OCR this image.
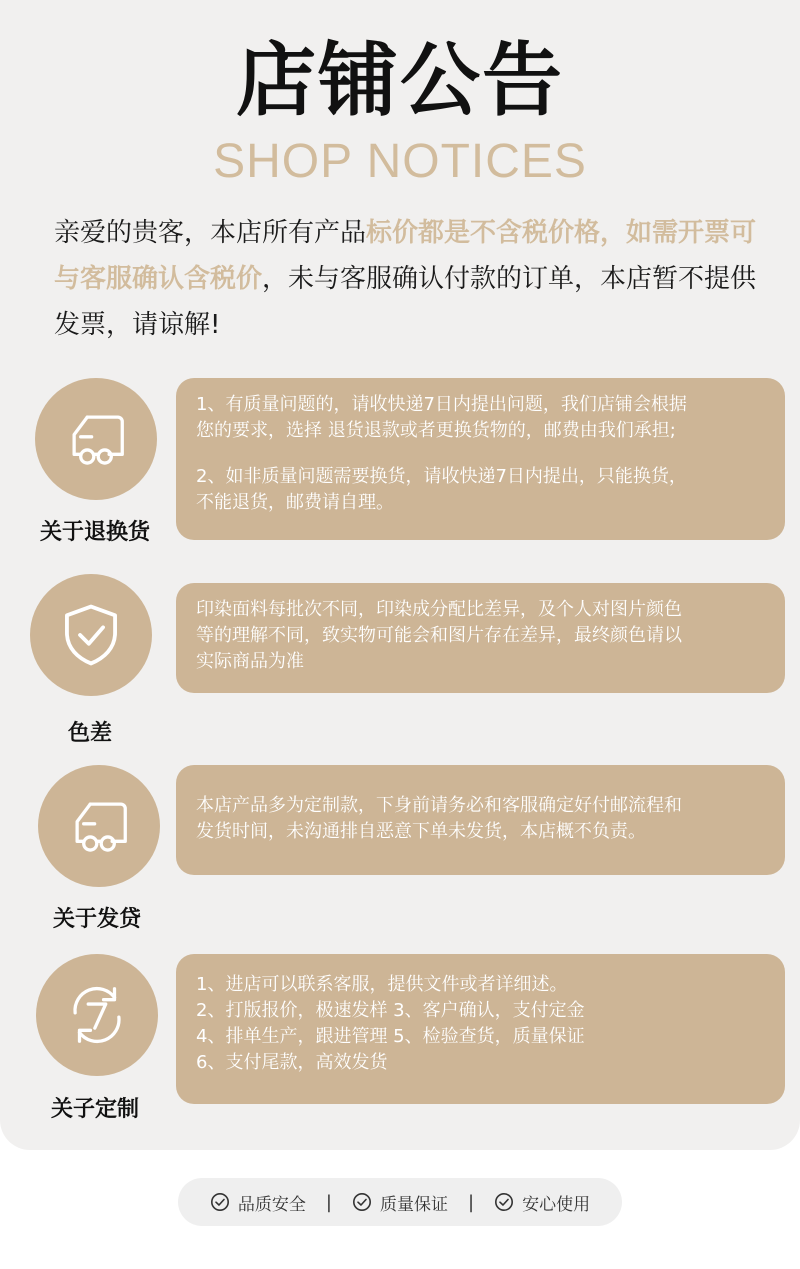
店铺公告
SHOP NOTICES
亲爱的贵客，本店所有产品标价都是不含税价格，如需开票可与客服确认含税价，未与客服确认付款的订单，本店暂不提供发票，请谅解!
关于退换货

1、有质量问题的，请收快递7日内提出问题，我们店铺会根据
您的要求，选择 退货退款或者更换货物的，邮费由我们承担;

2、如非质量问题需要换货，请收快递7日内提出，只能换货，
不能退货，邮费请自理。

色差

印染面料每批次不同，印染成分配比差异，及个人对图片颜色
等的理解不同，致实物可能会和图片存在差异，最终颜色请以
实际商品为准

关于发贷

本店产品多为定制款，下身前请务必和客服确定好付邮流程和
发货时间，未沟通排自恶意下单未发货，本店概不负责。

关子定制

1、进店可以联系客服，提供文件或者详细述。
2、打版报价，极速发样 3、客户确认，支付定金
4、排单生产，跟进管理 5、检验查货，质量保证
6、支付尾款，高效发货

品质安全 |	质量保证 |	安心使用
